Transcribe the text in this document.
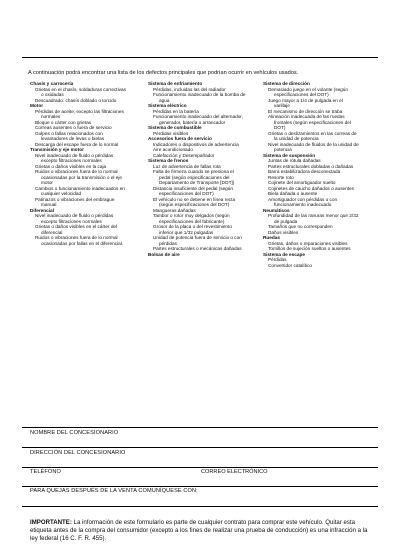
A continuación podrá encontrar una lista de los defectos principales que podrían ocurrir en vehículos usados.
Chasís y carrocería
Grietas en el chasís, soldaduras correctivas
o oxidadas
Descuadrado: chasís doblado o torcido
Motor
Pérdidas de aceite, excepto las filtraciones
normales
Bloque o cárter con grietas
Correas ausentes o fuera de servicio
Golpes o fallas relacionados con
levantadores de levas o bielas
Descarga del escape fuera de lo normal
Transmisión y eje motor
Nivel inadecuado de fluido o pérdidas
excepto filtraciones normales
Grietas o daños visibles en la caja
Ruidos o vibraciones fuera de lo normal
ocasionadas por la transmisión o el eje
motor
Cambios o funcionamiento inadecuados en
cualquier velocidad
Patinazos o vibraciones del embrague
manual
Diferencial
Nivel inadecuado de fluido o pérdidas
excepto filtraciones normales
Grietas o daños visibles en el cárter del
diferencial
Ruidos o vibraciones fuera de lo normal
ocasionadas por fallas en el diferencial.
Sistema de enfriamiento
Pérdidas, incluidas las del radiador
Funcionamiento inadecuado de la bomba de
agua
Sistema eléctrico
Pérdidas en la batería
Funcionamiento inadecuado del alternador,
generador, batería o arrancador
Sistema de combustible
Pérdidas visibles
Accesorios fuera de servicio
Indicadores o dispositivos de advertencia
Aire acondicionado
Calefacción y Desempañador
Sistema de frenos
Luz de advertencia de fallas rota
Falta de firmeza cuando se presiona el
pedal (según especificaciones del
Departamento de Transporte [DOT])
Distancia insuficiente del pedal (según
especificaciones del DOT)
El vehículo no se detiene en línea recta
(según especificaciones del DOT)
Mangueras dañadas
Tambor o rotor muy delgados (según
especificaciones del fabricante)
Grosor de la placa o del revestimiento
inferior que 1/32 pulgadas
Unidad de potencia fuera de servicio o con
pérdidas
Partes estructurales o mecánicas dañadas
Bolsas de aire
Sistema de dirección
Demasiado juego en el volante (según
especificaciones del DOT)
Juego mayor a 1/4 de pulgada en el
varillaje
El mecanismo de dirección se traba
Alineación inadecuada de las ruedas
frontales (según especificaciones del
DOT)
Grietas o deslizamientos en las correas de
la unidad de potencia
Nivel inadecuado de fluidos de la unidad de
potencia
Sistema de suspensión
Juntas de rótula dañadas
Partes estructurales dobladas o dañadas
Barra estabilizadora desconectada
Resorte roto
Cojinete del amortiguador suelto
Cojinetes de caucho dañados o ausentes
Biela dañada o ausente
Amortiguador con pérdidas o con
funcionamiento inadecuado
Neumáticos
Profundidad de las ranuras menor que 2/32
de pulgada
Tamaños que no corresponden
Daños visibles
Ruedas
Grietas, daños o reparaciones visibles
Tornillos de sujeción sueltos o ausentes
Sistema de escape
Pérdidas
Convertidor catalítico
NOMBRE DEL CONCESIONARIO
DIRECCIÓN DEL CONCESIONARIO
TELÉFONO	CORREO ELECTRÓNICO
PARA QUEJAS DESPUÉS DE LA VENTA COMUNÍQUESE CON:
IMPORTANTE: La información de este formulario es parte de cualquier contrato para comprar este vehículo. Quitar esta etiqueta antes de la compra del consumidor (excepto a los fines de realizar una prueba de conducción) es una infracción a la ley federal (16 C. F. R. 455).
